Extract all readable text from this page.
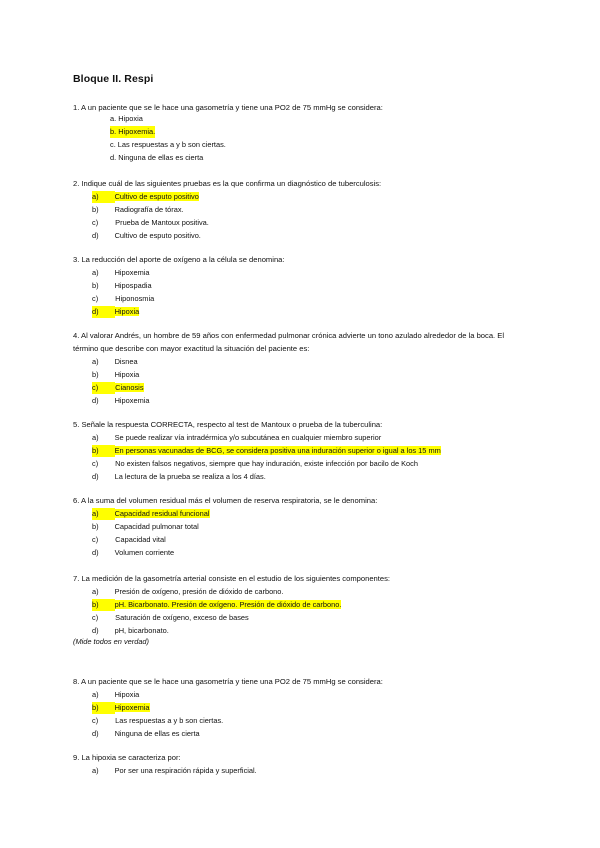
Bloque II. Respi
1. A un paciente que se le hace una gasometría y tiene una PO2 de 75 mmHg se considera:
a. Hipoxia
b. Hipoxemia.
c. Las respuestas a y b son ciertas.
d. Ninguna de ellas es cierta
2. Indique cuál de las siguientes pruebas es la que confirma un diagnóstico de tuberculosis:
a) Cultivo de esputo positivo
b) Radiografía de tórax.
c) Prueba de Mantoux positiva.
d) Cultivo de esputo positivo.
3. La reducción del aporte de oxígeno a la célula se denomina:
a) Hipoxemia
b) Hipospadia
c) Hiponosmia
d) Hipoxia
4. Al valorar Andrés, un hombre de 59 años con enfermedad pulmonar crónica advierte un tono azulado alrededor de la boca. El término que describe con mayor exactitud la situación del paciente es:
a) Disnea
b) Hipoxia
c) Cianosis
d) Hipoxemia
5. Señale la respuesta CORRECTA, respecto al test de Mantoux o prueba de la tuberculina:
a) Se puede realizar vía intradérmica y/o subcutánea en cualquier miembro superior
b) En personas vacunadas de BCG, se considera positiva una induración superior o igual a los 15 mm
c) No existen falsos negativos, siempre que hay induración, existe infección por bacilo de Koch
d) La lectura de la prueba se realiza a los 4 días.
6. A la suma del volumen residual más el volumen de reserva respiratoria, se le denomina:
a) Capacidad residual funcional
b) Capacidad pulmonar total
c) Capacidad vital
d) Volumen corriente
7. La medición de la gasometría arterial consiste en el estudio de los siguientes componentes:
a) Presión de oxígeno, presión de dióxido de carbono.
b) pH. Bicarbonato. Presión de oxígeno. Presión de dióxido de carbono.
c) Saturación de oxígeno, exceso de bases
d) pH, bicarbonato.
(Mide todos en verdad)
8. A un paciente que se le hace una gasometría y tiene una PO2 de 75 mmHg se considera:
a) Hipoxia
b) Hipoxemia
c) Las respuestas a y b son ciertas.
d) Ninguna de ellas es cierta
9. La hipoxia se caracteriza por:
a) Por ser una respiración rápida y superficial.
